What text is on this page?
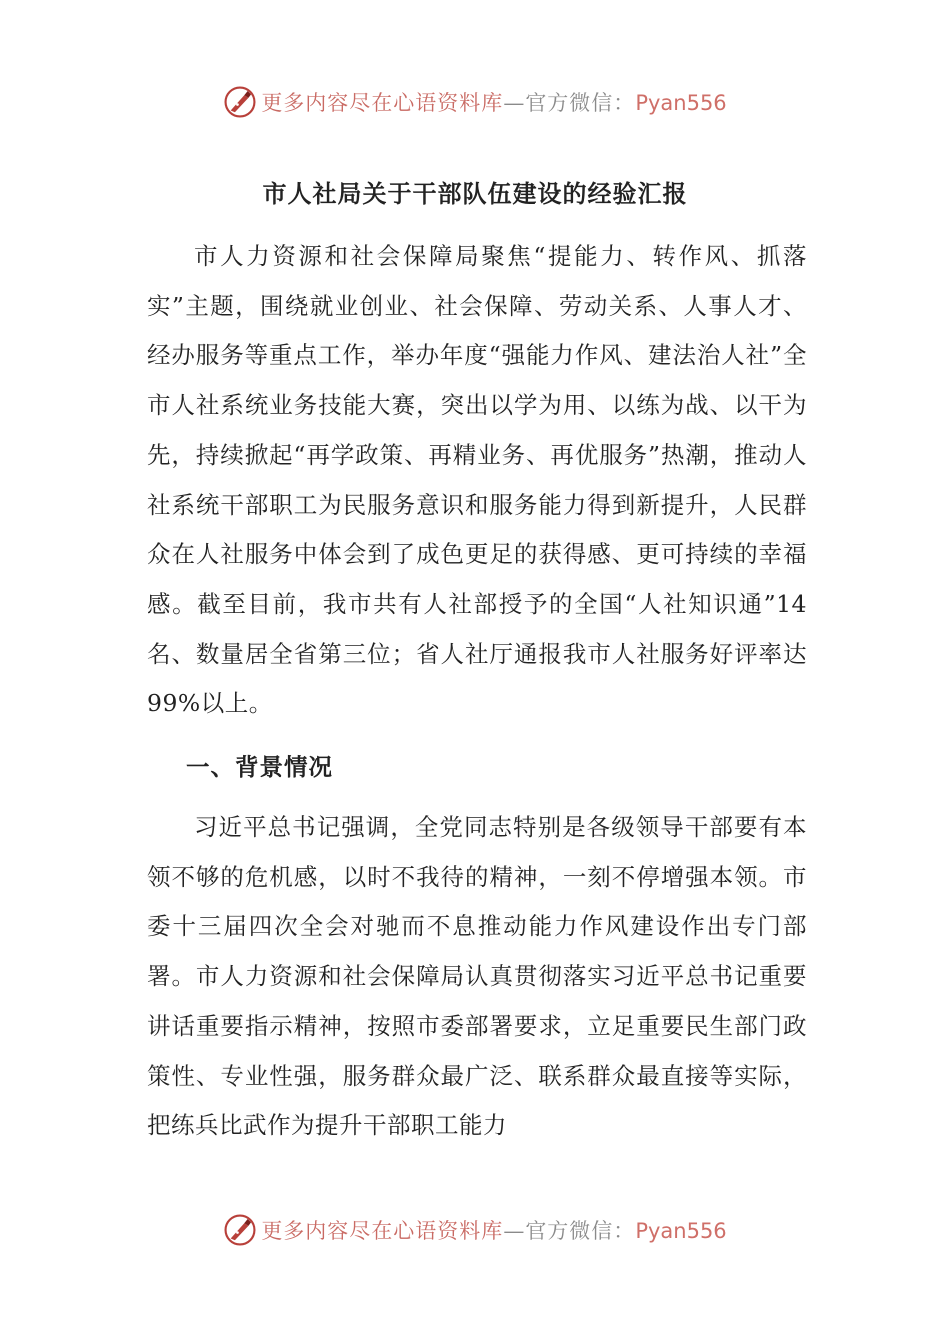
更多内容尽在心语资料库—官方微信：Pyan556
市人社局关于干部队伍建设的经验汇报

市人力资源和社会保障局聚焦“提能力、转作风、抓落实”主题，围绕就业创业、社会保障、劳动关系、人事人才、经办服务等重点工作，举办年度“强能力作风、建法治人社”全市人社系统业务技能大赛，突出以学为用、以练为战、以干为先，持续掀起“再学政策、再精业务、再优服务”热潮，推动人社系统干部职工为民服务意识和服务能力得到新提升，人民群众在人社服务中体会到了成色更足的获得感、更可持续的幸福感。截至目前，我市共有人社部授予的全国“人社知识通”14名、数量居全省第三位；省人社厅通报我市人社服务好评率达99%以上。

一、背景情况

习近平总书记强调，全党同志特别是各级领导干部要有本领不够的危机感，以时不我待的精神，一刻不停增强本领。市委十三届四次全会对驰而不息推动能力作风建设作出专门部署。市人力资源和社会保障局认真贯彻落实习近平总书记重要讲话重要指示精神，按照市委部署要求，立足重要民生部门政策性、专业性强，服务群众最广泛、联系群众最直接等实际，把练兵比武作为提升干部职工能力

更多内容尽在心语资料库—官方微信：Pyan556
